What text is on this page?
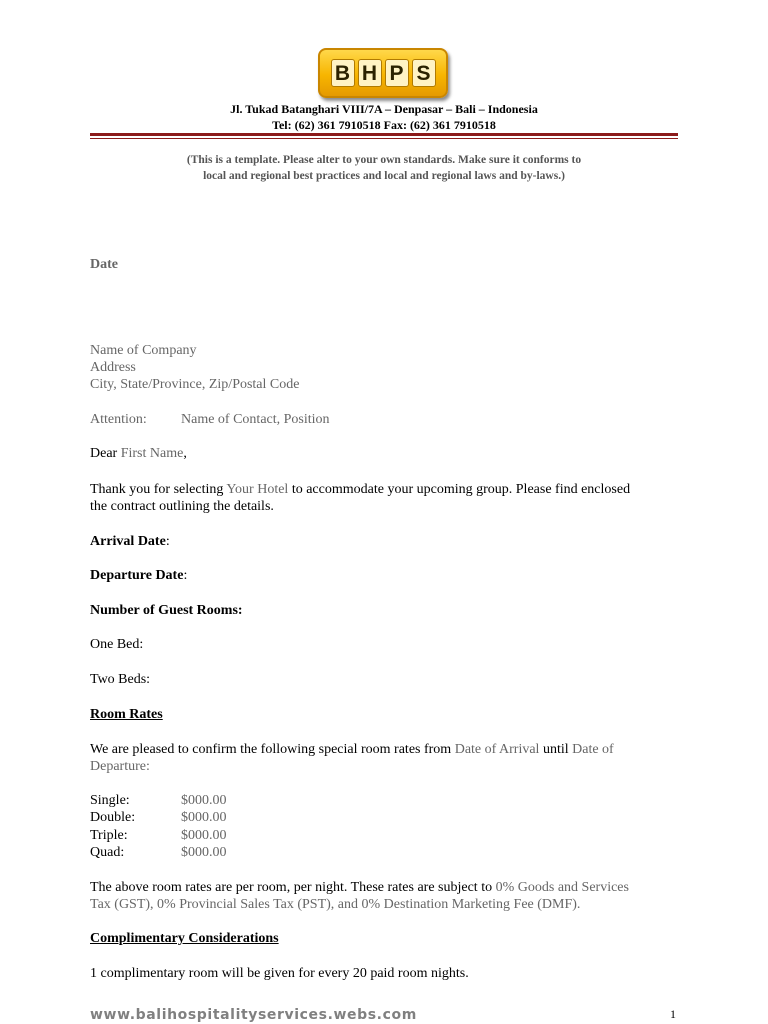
B H P S
Jl. Tukad Batanghari VIII/7A – Denpasar – Bali – Indonesia
Tel: (62) 361 7910518 Fax: (62) 361 7910518
(This is a template. Please alter to your own standards. Make sure it conforms to
local and regional best practices and local and regional laws and by-laws.)
Date
Name of Company
Address
City, State/Province, Zip/Postal Code
Attention: Name of Contact, Position
Dear First Name,
Thank you for selecting Your Hotel to accommodate your upcoming group. Please find enclosed
the contract outlining the details.
Arrival Date:
Departure Date:
Number of Guest Rooms:
One Bed:
Two Beds:
Room Rates
We are pleased to confirm the following special room rates from Date of Arrival until Date of
Departure:
Single:	$000.00
Double:	$000.00
Triple:	$000.00
Quad:	$000.00
The above room rates are per room, per night. These rates are subject to 0% Goods and Services
Tax (GST), 0% Provincial Sales Tax (PST), and 0% Destination Marketing Fee (DMF).
Complimentary Considerations
1 complimentary room will be given for every 20 paid room nights.
www.balihospitalityservices.webs.com	1
